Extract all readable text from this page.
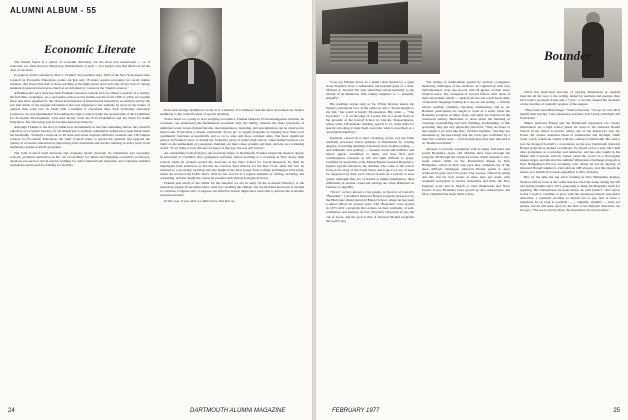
ALUMNI ALBUM - 55
Economic Literate

The United States is a nation of economic illiterates, for the most part uneducated — or, if schooled, too often bored to distraction, misinformed, or both — in a subject area that affects us all the days of our lives.

In support of this contention, Moe L. Frankel '34, president since 1955 of the New York-based Joint Council on Economic Education, points out that only 18 states require economics for social studies teachers, that fewer than half of those teaching at the high-school level and only 20 per cent of college students in general have had so much as an introductory course in the "dismal science."

Affirming this sorry state has been Frankel's personal crusade and, for almost a quarter of a century, his full-time occupation. As a secondary-school social studies teacher from 1936 to 1952, he became more and more appalled by the virtual nonexistence of instructional material in economics and by the fact that much of the meager information that was imparted to the students by more in the nature of opinion than solid fact. In 1949, with a handful of concerned New York University education professors, he was instrumental in founding the Joint Council, under the sponsorship of the Committee for Economic Development, with seed money from the Ford Foundation and the Fund for Adult Education. The following year he became Associate Director.

Although Frankel is the first to admit how monumental is the task remaining before the council's objective of economic literacy for all Americans is realized, remarkable strides have been made under his leadership. Through a network of 48 state and seven regional affiliated councils and 138 campus Centers for Economic Education, the Joint Council seeks to spread the quantity and upgrade the quality of economic education by improving both curriculum and teacher training on every level, from elementary grades to Ph.D. programs.

The Joint Council itself develops and evaluates model curricula for elementary and secondary schools; promotes instruction in the "art of teaching" for future and fledgling economics professors; develops pre-service and in-service training for better instructional materials, and organizes summer workshops and in-service training for teachers.

from such strange bedfellows as the U.S. Chamber of Commerce and the labor movement are further testimony to the council's ideal of special pleading.

You're never too young to start studying economics, Frankel believes. From kindergarten children, he contends, can understand the fundamental economic unit, the family, wherein the basic principles of unlimited wants versus limited income, interdependence, bartering, and specialization can be observed in microcosm. From there a master curriculum "flows up" to pupils programs on learning how their local community functions economically and so on to state and more complex units. The most significant period, in Frankel's view, is during the formative years of junior high school, when skilled teachers can build on the enthusiasm of youngsters thinking out their value systems and their outlook on a widening world. "If we bring to bear the best we know at that age, the rest will follow."

An outstanding football player and sociology major at Dartmouth, Frankel earned his master's degree in education at Columbia after graduation and then started teaching at a coaching in New Jersey high schools while he worked toward his doctorate at the New School for Social Research. In 1942 he interrupted both endeavors to become an overseas field director for the Red Cross. After the war, he returned to a secondary teaching and also taught at the New Jersey State College and Rutgers University, where he received his D.Ed. Since 1952 he has served as a regular member of writing, lecturing and consulting, and has taught the course he presides with almost evangelical fervor.

Frankel puts much of the blame for the situation we are in today on the economic illiteracy of the American people. Economists know what was seeming the climate, but an informed electorate is needed to convince Congress and a Congress can effective branch might have been able to prevent the economic recession malaise.

In this case, it was what we didn't know that hurt us.

24	DARTMOUTH ALUMNI MAGAZINE
Bounder

Close by Walden Pond, in a small cabin heated by a great stone fireplace, lives a redheaded, red-bearded giant of a man, Michael A. Stratton '69, who subscribes whole-heartedly to the dictum of an illustrious 19th century neighbor to "... simplify, simplify."

His readings carries only so far. While Stratton shares the master's passionate love of the outdoors and a "broad margin to my life," his world is hardly Thoreauvian. His cabin — "The Growlery" — is on the edge of a pond, but of a recent field on the grounds of the Carroll School in Lincoln, Massachusetts, where some 140 dyslexic children, aged 8 to 15, come daily for special schooling to help them overcome what is described as a "perceptual handicap."

Dyslexia, caused by a short circuiting of the way the brain normally processes visual symbols, is manifested by varying degrees of learning disability. Dyslexics have trouble reading — and arithmetic and spelling — because words and numbers and letters appear scrambled to them, and they find such commonplace concepts as left and right difficult to grasp. Certified by specialists at the Massachusetts General Hospital to require special education, the children who come to the school from as far away as the North Shore and Cape Cod, are, if need be, supported by their local school boards on a system of state grants. Although they are of normal or higher intelligence, their difficulties in normal classroom settings are often dismissed as laziness or stupidity.

"Stratt," as he's known to his pupils, is director of Carroll's "Bounders," a modified Outward Bound program sponsored by the Hurricane Island Outward Bound School, where he has been a senior officer for several years. The "Bounders" were started in 1973 with a program that centers on their problems of self-confidence and mastery. In fact, Stratton's classroom is also the out of doors, and the goal is that of Outward Bound programs the world over.

The testing of achievement gained by dyslexic youngsters mastering challenges of the outdoors, in conjunction with very individualized, close one-on-one with all phases of their lives, Stratton notes. The contagion of success infects other areas of their curriculum, which — aside from one and a half hours daily of intensive language training in a one-on-one setting — blends, whose, reading, camping, canoeing, orienteering, and so on. Bounder participants are taught to work as a team, while the Bounders program of mind, body, and spirit are fostered in the classroom setting. Motivated to learn about the building of canoeing, boatbuilding and rock climbing, boatbuilding, or fish spawning, they get very physically involved. "They are more or less taught to do bold like this," Stratton explains, "but they are heartened by the knowledge that the work gets confirmed by a man who couldn't read — even though they may later describe it as "Beethoven Smith."

Anxious to become acquainted with as many first-hand and sound Bounders, about 140 children have been through the program, 28 through the advanced course which includes a two-week winter climb on the Presidential Range in New Hampshire, where in their own pace they complete one of the most difficult challenges. Outward Bound seems to have achieved its goal over four years. The courses, offered in spring and fall, run for four weeks of three days per week, with weekend excursions to nearby mountains and hills, the New England coast, and in March to New Brunswick and Nova Scotia. A few Bounders have grown up into adolescence and have completed the more adult course.

which has motivated in-rocks of varying dimensions at random intervals all the way to the ceiling. Aided by teachers and parents, they have built a geodesic dome and a "yurt," a circular shaped hut modeled on the dwellers of nomadic peoples of the steppes.

"They learn incredible things," Stratton marvels. "I hope we can call it myself their teacher. I am experience-oriented, and I learn with them and from them."

Mike's Outward Bound and his Dartmouth experience are closely intertwined. As a high school junior he went to the Outward Bound School in his native Colorado, where one of his instructors was Jay Evans '49, former Assistant Dean of Admissions and Olympic white water coach, whom he credits with his coming to Dartmouth. His senior year he dropped football to concentrate on the new Dartmouth Outward Bound program as student coordinator; he stayed on for a year and a half after graduation as a recruiter and instructor, and has also taught in the Maine and Colorado schools, sailed round the world on a Norwegian square-rigger, and directed the summer Wilderness Challenge program at New Hampshire's Proctor Academy. Last winter he led an odyssey of Outward Bound alumni to visit African OB schools, and this month he leaves on a similar five-week expedition to New Zealand.

But, by the time the sap starts running in New Hampshire maples, Stratton will be back at the cabin that has been his home during the fall and spring months since 1971, preparing to bring his Bounders north for sugaring. His whereabouts ten years hence, he can't predict. "All I know is that I want to continue to grow with the experience-based, responsive education, a symbolic promise to myself not to pay rent or have a telephone for as long as possible — ... simplify, simplify — may not endure, but he will keep open for the best of his different directions. As he says, "The sea is always there, the mountains are always there."

FEBRUARY 1977	25
